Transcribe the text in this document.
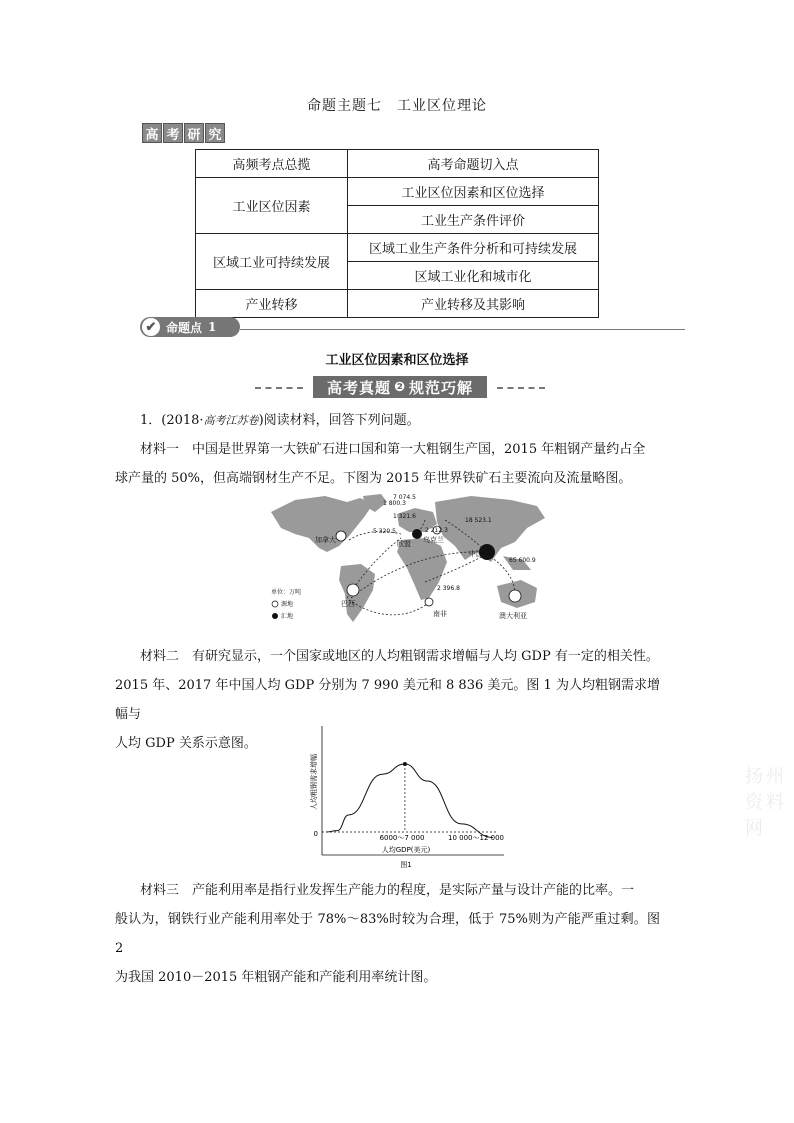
命题主题七　工业区位理论
高 考 研 究
高频考点总揽	高考命题切入点
工业区位因素	工业区位因素和区位选择
	工业生产条件评价
区域工业可持续发展	区域工业生产条件分析和可持续发展
	区域工业化和城市化
产业转移	产业转移及其影响
✔ 命题点 1
工业区位因素和区位选择
高考真题 ❷ 规范巧解

1．(2018·高考江苏卷)阅读材料，回答下列问题。

材料一　中国是世界第一大铁矿石进口国和第一大粗钢生产国，2015 年粗钢产量约占全
球产量的 50%，但高端钢材生产不足。下图为 2015 年世界铁矿石主要流向及流量略图。

1 800.3
7 074.5
1 321.6
5 320.5	2 212.3
18 523.1
65 600.9
2 396.8
加拿大	欧盟 乌克兰
中国
巴西
南非	澳大利亚
单位：万吨
源地
汇地

材料二　有研究显示，一个国家或地区的人均粗钢需求增幅与人均 GDP 有一定的相关性。
2015 年、2017 年中国人均 GDP 分别为 7 990 美元和 8 836 美元。图 1 为人均粗钢需求增幅与
人均 GDP 关系示意图。

人均粗钢需求增幅
0	6000～7 000	10 000～12 000
人均GDP(美元)
图1

材料三　产能利用率是指行业发挥生产能力的程度，是实际产量与设计产能的比率。一
般认为，钢铁行业产能利用率处于 78%～83%时较为合理，低于 75%则为产能严重过剩。图 2
为我国 2010－2015 年粗钢产能和产能利用率统计图。

扬州资料网
